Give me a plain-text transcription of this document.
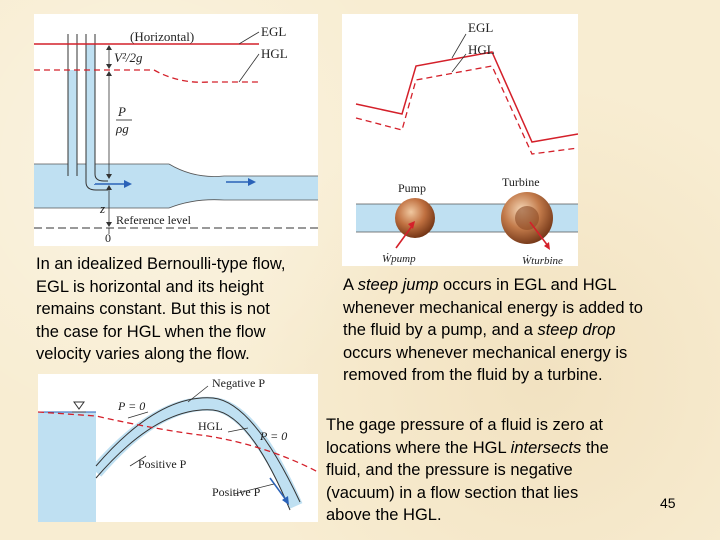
(Horizontal)	EGL
HGL
V²/2g
P
ρg
z
Reference level
0
EGL
HGL
Pump	Turbine
Ẇpump	Ẇturbine
Negative P
P = 0
HGL
P = 0
Positive P
Positive P
In an idealized Bernoulli-type flow,
EGL is horizontal and its height
remains constant. But this is not
the case for HGL when the flow
velocity varies along the flow.
A steep jump occurs in EGL and HGL
whenever mechanical energy is added to
the fluid by a pump, and a steep drop
occurs whenever mechanical energy is
removed from the fluid by a turbine.
The gage pressure of a fluid is zero at
locations where the HGL intersects the
fluid, and the pressure is negative
(vacuum) in a flow section that lies
above the HGL.
45
